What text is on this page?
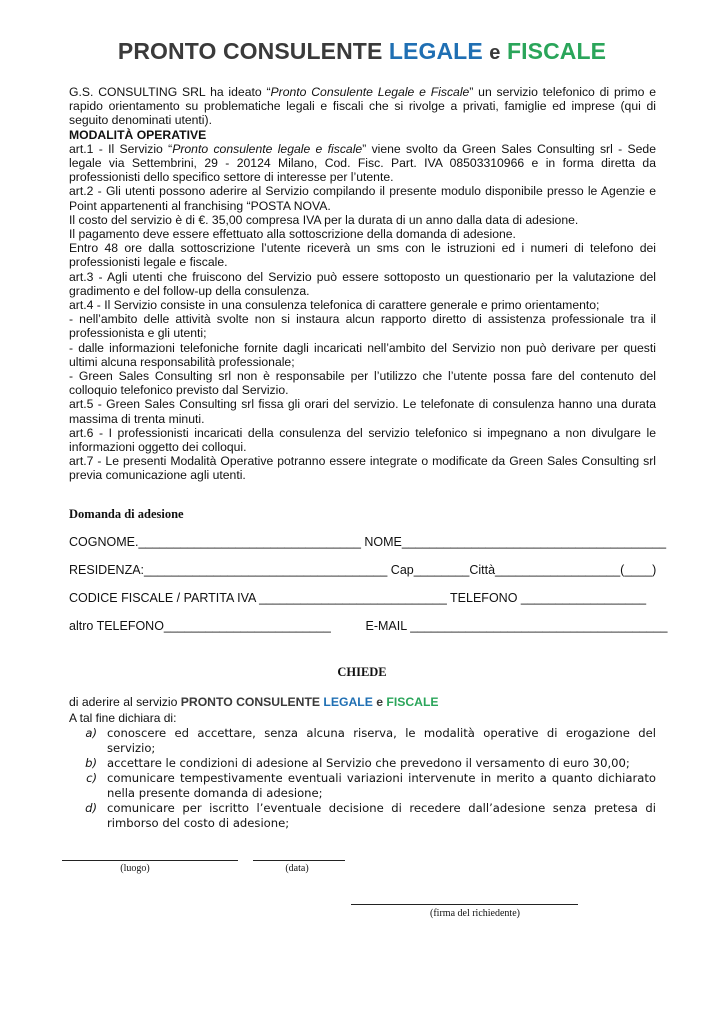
PRONTO CONSULENTE LEGALE e FISCALE

G.S. CONSULTING SRL ha ideato “Pronto Consulente Legale e Fiscale” un servizio telefonico di primo e rapido orientamento su problematiche legali e fiscali che si rivolge a privati, famiglie ed imprese (qui di seguito denominati utenti).

MODALITÀ OPERATIVE

art.1 - Il Servizio “Pronto consulente legale e fiscale” viene svolto da Green Sales Consulting srl - Sede legale via Settembrini, 29 - 20124 Milano, Cod. Fisc. Part. IVA 08503310966 e in forma diretta da professionisti dello specifico settore di interesse per l’utente.

art.2 - Gli utenti possono aderire al Servizio compilando il presente modulo disponibile presso le Agenzie e Point appartenenti al franchising “POSTA NOVA.

Il costo del servizio è di €. 35,00 compresa IVA per la durata di un anno dalla data di adesione.

Il pagamento deve essere effettuato alla sottoscrizione della domanda di adesione.

Entro 48 ore dalla sottoscrizione l’utente riceverà un sms con le istruzioni ed i numeri di telefono dei professionisti legale e fiscale.

art.3 - Agli utenti che fruiscono del Servizio può essere sottoposto un questionario per la valutazione del gradimento e del follow-up della consulenza.

art.4 - Il Servizio consiste in una consulenza telefonica di carattere generale e primo orientamento;

- nell’ambito delle attività svolte non si instaura alcun rapporto diretto di assistenza professionale tra il professionista e gli utenti;

- dalle informazioni telefoniche fornite dagli incaricati nell’ambito del Servizio non può derivare per questi ultimi alcuna responsabilità professionale;

- Green Sales Consulting srl non è responsabile per l’utilizzo che l’utente possa fare del contenuto del colloquio telefonico previsto dal Servizio.

art.5 - Green Sales Consulting srl fissa gli orari del servizio. Le telefonate di consulenza hanno una durata massima di trenta minuti.

art.6 - I professionisti incaricati della consulenza del servizio telefonico si impegnano a non divulgare le informazioni oggetto dei colloqui.

art.7 - Le presenti Modalità Operative potranno essere integrate o modificate da Green Sales Consulting srl previa comunicazione agli utenti.

Domanda di adesione
COGNOME.________________________________ NOME______________________________________
RESIDENZA:___________________________________ Cap________Città__________________(____)
CODICE FISCALE / PARTITA IVA ___________________________ TELEFONO __________________
altro TELEFONO________________________          E-MAIL _____________________________________
CHIEDE
di aderire al servizio PRONTO CONSULENTE LEGALE e FISCALE
A tal fine dichiara di:
a) conoscere ed accettare, senza alcuna riserva, le modalità operative di erogazione del servizio;
b) accettare le condizioni di adesione al Servizio che prevedono il versamento di euro 30,00;
c) comunicare tempestivamente eventuali variazioni intervenute in merito a quanto dichiarato nella presente domanda di adesione;
d) comunicare per iscritto l’eventuale decisione di recedere dall’adesione senza pretesa di rimborso del costo di adesione;
(luogo)	(data)
(firma del richiedente)
